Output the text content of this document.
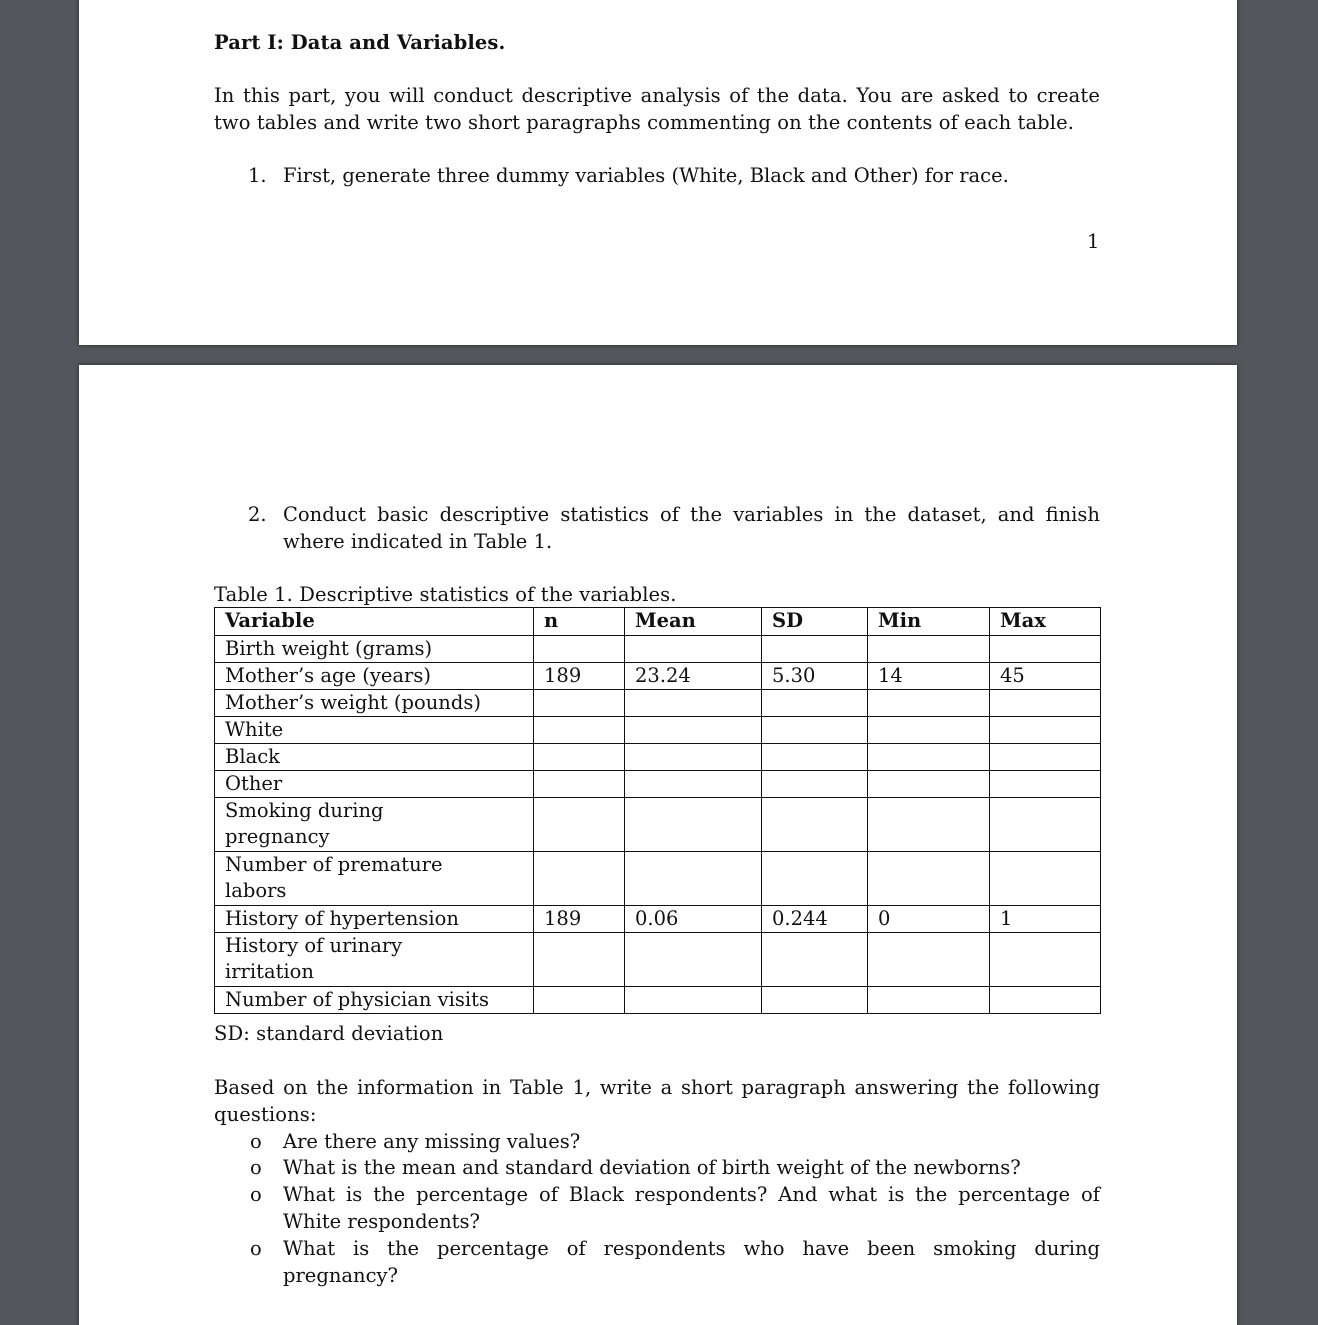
Part I: Data and Variables.
In this part, you will conduct descriptive analysis of the data. You are asked to create two tables and write two short paragraphs commenting on the contents of each table.
1. First, generate three dummy variables (White, Black and Other) for race.
1
2. Conduct basic descriptive statistics of the variables in the dataset, and finish where indicated in Table 1.
Table 1. Descriptive statistics of the variables.
Variable	n	Mean	SD	Min	Max
Birth weight (grams)					
Mother’s age (years)	189	23.24	5.30	14	45
Mother’s weight (pounds)					
White					
Black					
Other					
Smoking during pregnancy					
Number of premature labors					
History of hypertension	189	0.06	0.244	0	1
History of urinary irritation					
Number of physician visits					
SD: standard deviation
Based on the information in Table 1, write a short paragraph answering the following questions:
o Are there any missing values?
o What is the mean and standard deviation of birth weight of the newborns?
o What is the percentage of Black respondents? And what is the percentage of White respondents?
o What is the percentage of respondents who have been smoking during pregnancy?
